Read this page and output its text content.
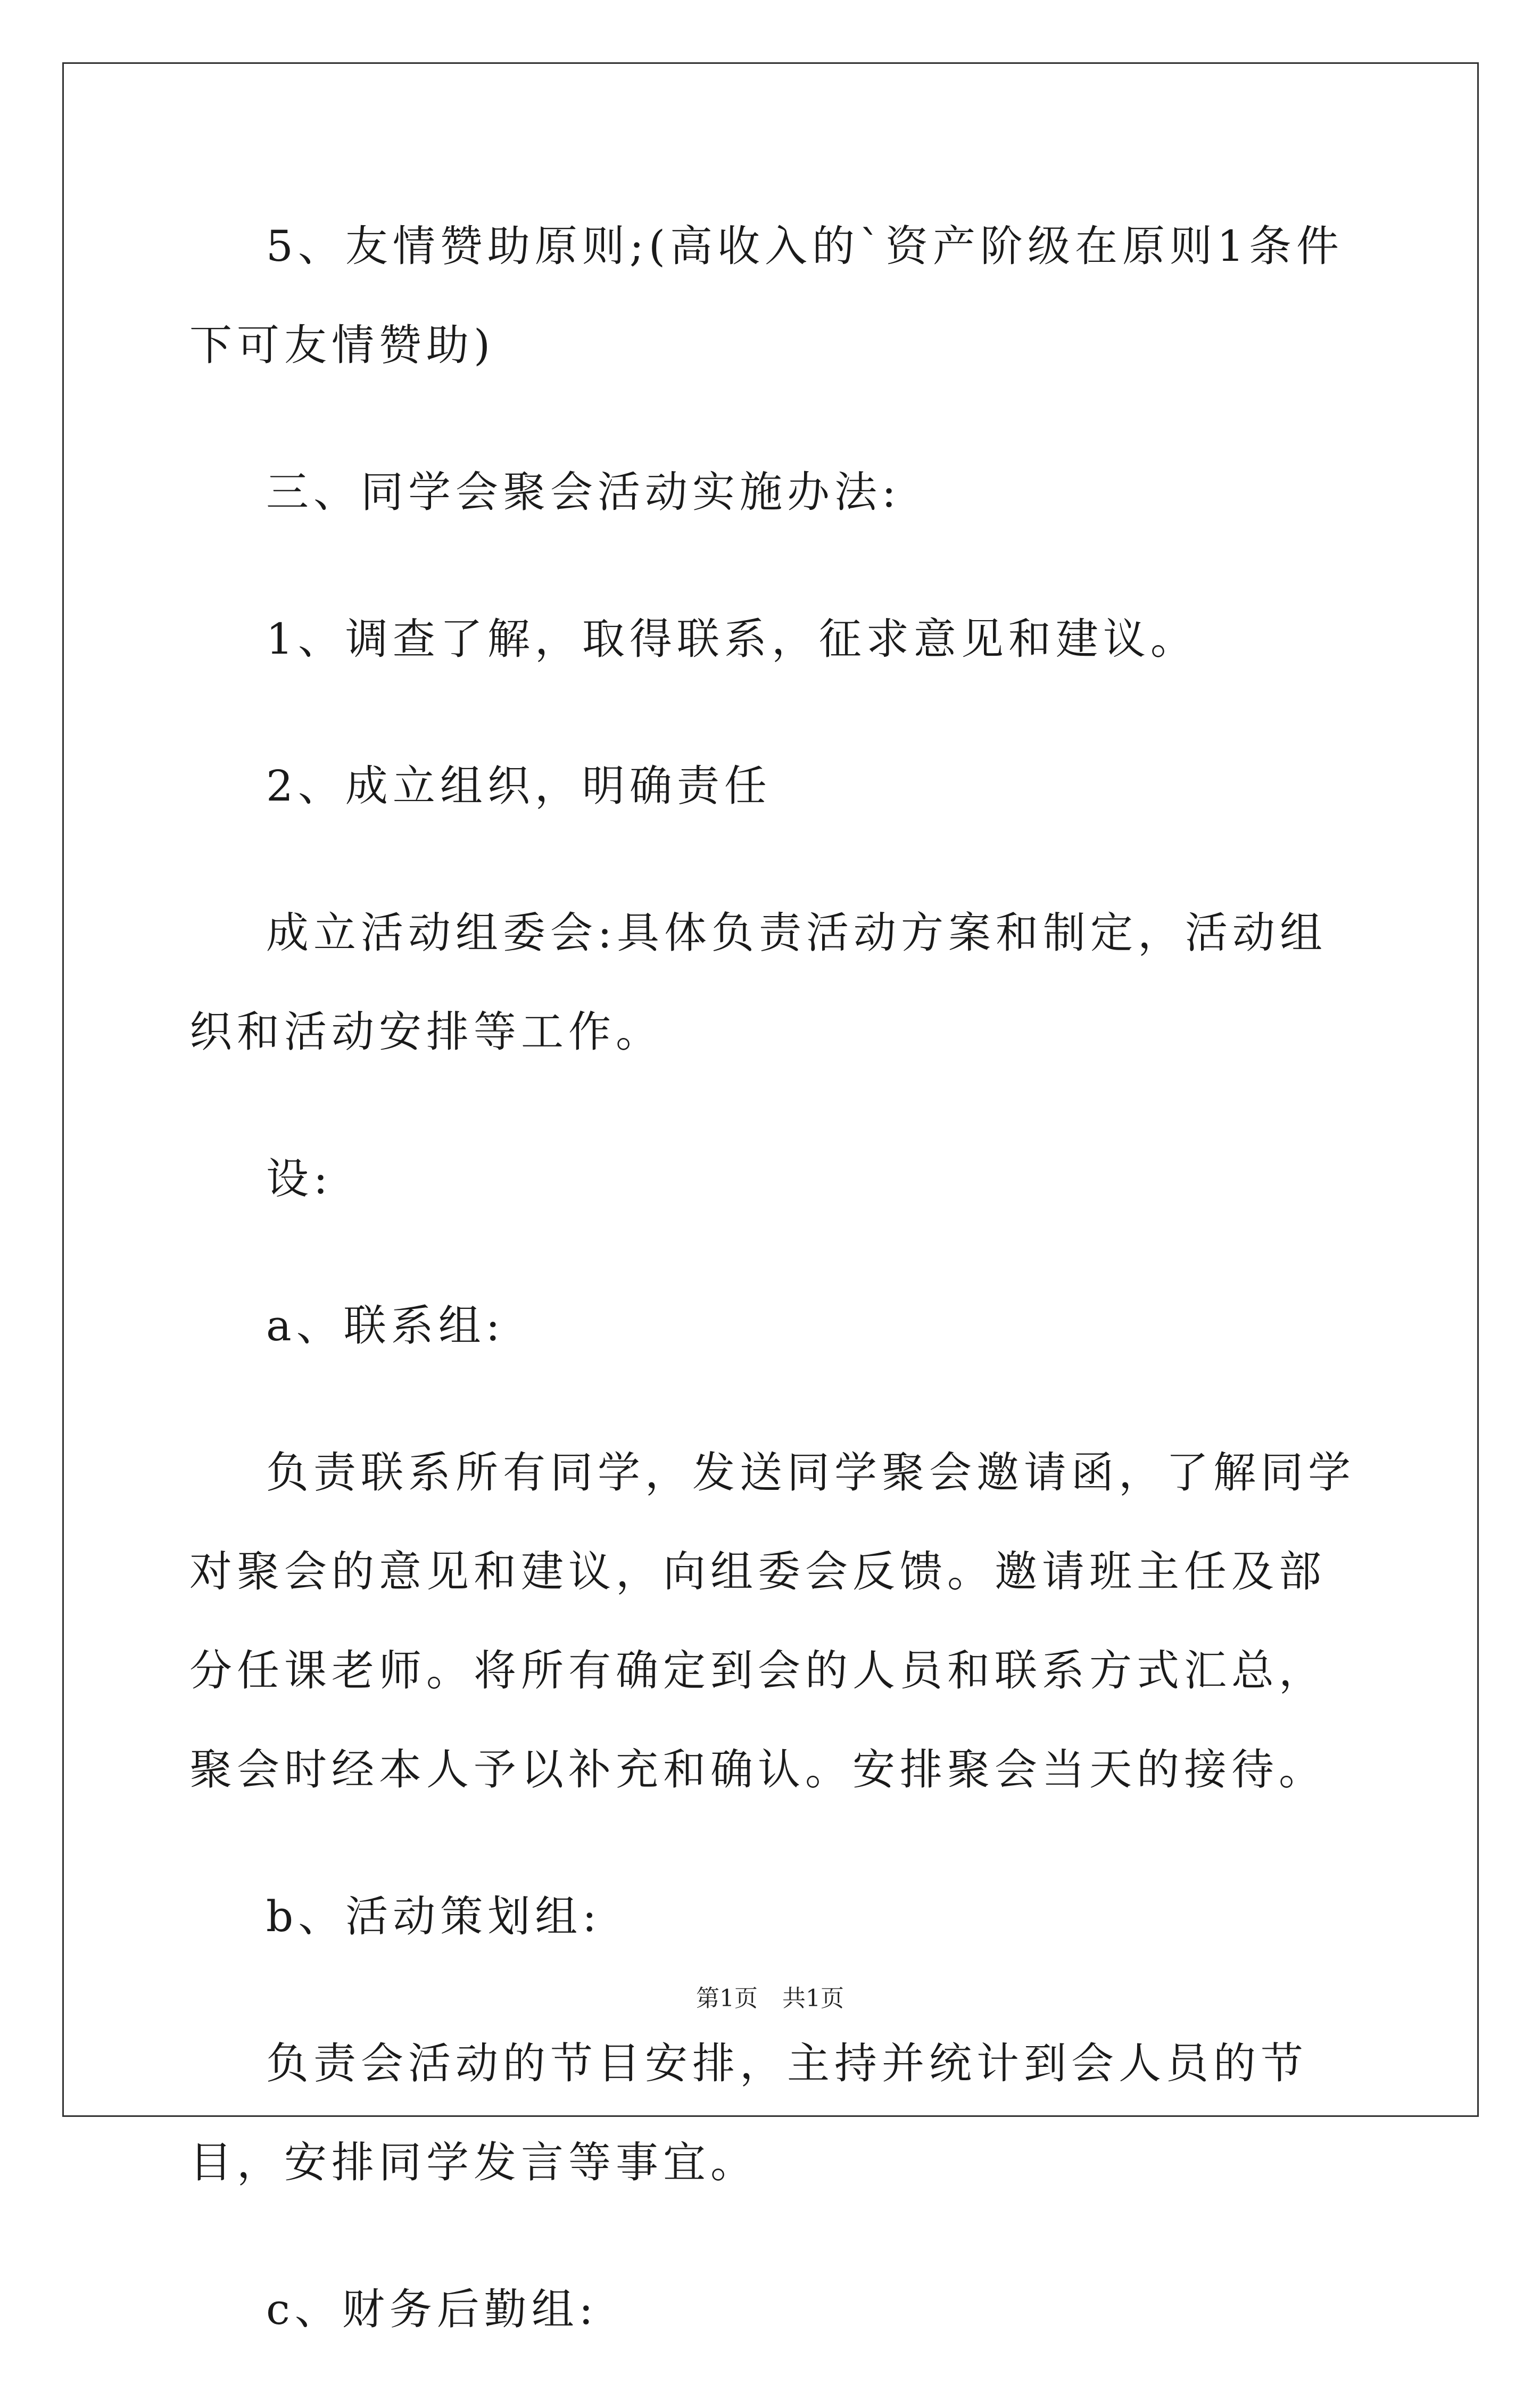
5、友情赞助原则;(高收入的`资产阶级在原则1条件下可友情赞助)

三、同学会聚会活动实施办法:

1、调查了解，取得联系，征求意见和建议。

2、成立组织，明确责任

成立活动组委会:具体负责活动方案和制定，活动组织和活动安排等工作。

设:

a、联系组:

负责联系所有同学，发送同学聚会邀请函，了解同学对聚会的意见和建议，向组委会反馈。邀请班主任及部分任课老师。将所有确定到会的人员和联系方式汇总，聚会时经本人予以补充和确认。安排聚会当天的接待。

b、活动策划组:

负责会活动的节目安排，主持并统计到会人员的节目，安排同学发言等事宜。

c、财务后勤组:

第1页 共1页
